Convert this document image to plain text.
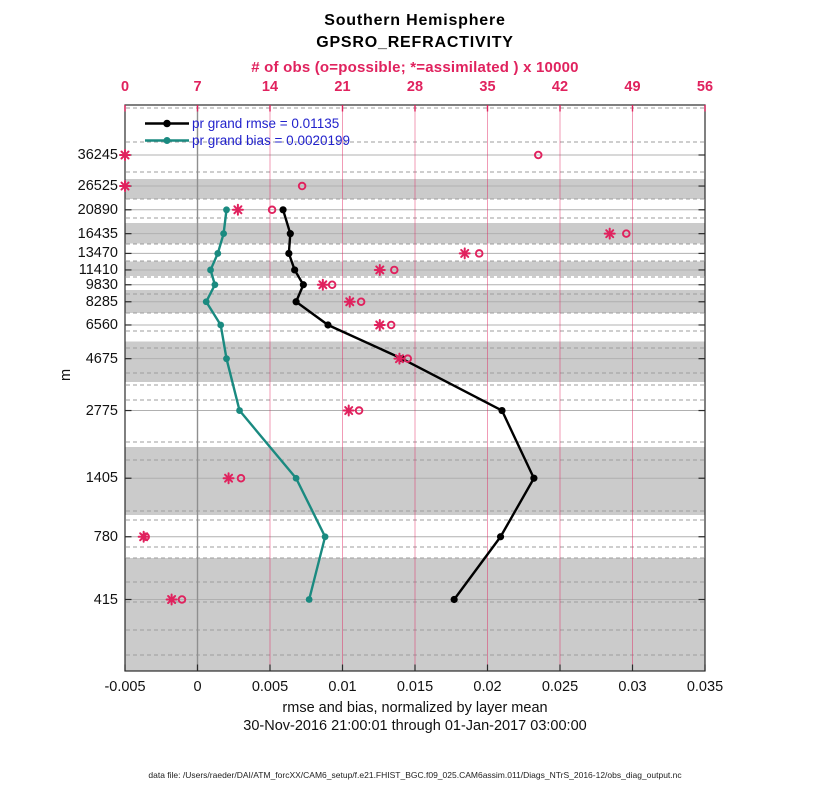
Southern Hemisphere
GPSRO_REFRACTIVITY
# of obs (o=possible; *=assimilated ) x 10000
0	7	14	21	28	35	42	49	56
36245
26525
20890
16435
13470
11410
9830
8285
6560
4675
2775
1405
780
415
-0.005	0	0.005	0.01	0.015	0.02	0.025	0.03	0.035
m
pr grand rmse = 0.01135
pr grand bias = 0.0020199
rmse and bias, normalized by layer mean
30-Nov-2016 21:00:01 through 01-Jan-2017 03:00:00
data file: /Users/raeder/DAI/ATM_forcXX/CAM6_setup/f.e21.FHIST_BGC.f09_025.CAM6assim.011/Diags_NTrS_2016-12/obs_diag_output.nc
